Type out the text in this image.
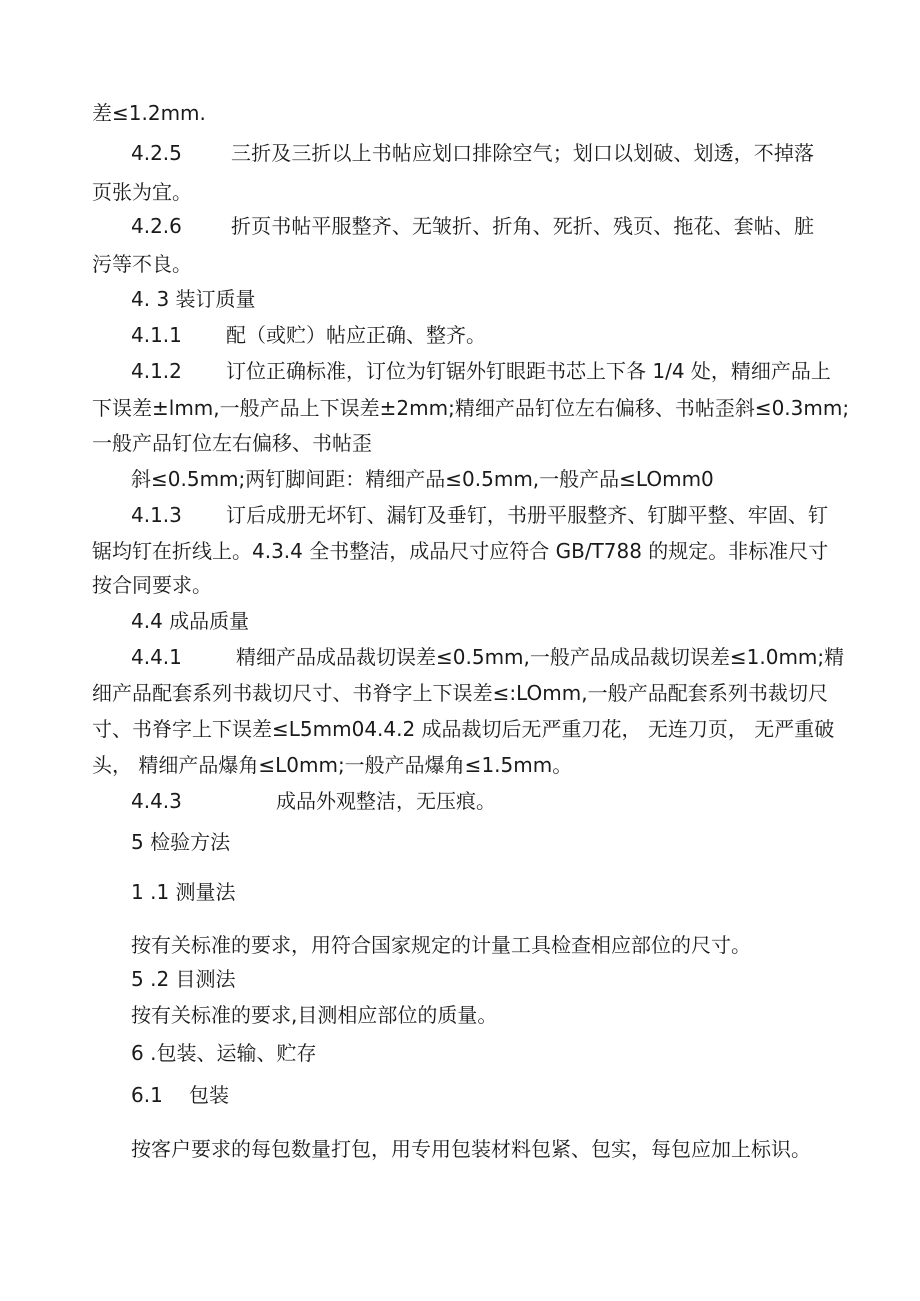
差≤1.2mm.
4.2.5 三折及三折以上书帖应划口排除空气；划口以划破、划透，不掉落
页张为宜。
4.2.6 折页书帖平服整齐、无皱折、折角、死折、残页、拖花、套帖、脏
污等不良。
4. 3 装订质量
4.1.1 配（或贮）帖应正确、整齐。
4.1.2 订位正确标准，订位为钉锯外钉眼距书芯上下各 1/4 处，精细产品上
下误差±lmm,一般产品上下误差±2mm;精细产品钉位左右偏移、书帖歪斜≤0.3mm;
一般产品钉位左右偏移、书帖歪
斜≤0.5mm;两钉脚间距：精细产品≤0.5mm,一般产品≤LOmm0
4.1.3 订后成册无坏钉、漏钉及垂钉，书册平服整齐、钉脚平整、牢固、钉
锯均钉在折线上。4.3.4 全书整洁，成品尺寸应符合 GB/T788 的规定。非标准尺寸
按合同要求。
4.4 成品质量
4.4.1	精细产品成品裁切误差≤0.5mm,一般产品成品裁切误差≤1.0mm;精
细产品配套系列书裁切尺寸、书脊字上下误差≤:LOmm,一般产品配套系列书裁切尺
寸、书脊字上下误差≤L5mm04.4.2 成品裁切后无严重刀花， 无连刀页， 无严重破
头， 精细产品爆角≤L0mm;一般产品爆角≤1.5mm。
4.4.3	成品外观整洁，无压痕。
5 检验方法
1 .1 测量法
按有关标准的要求，用符合国家规定的计量工具检查相应部位的尺寸。
5 .2 目测法
按有关标准的要求,目测相应部位的质量。
6 .包装、运输、贮存
6.1 包装
按客户要求的每包数量打包，用专用包装材料包紧、包实，每包应加上标识。
